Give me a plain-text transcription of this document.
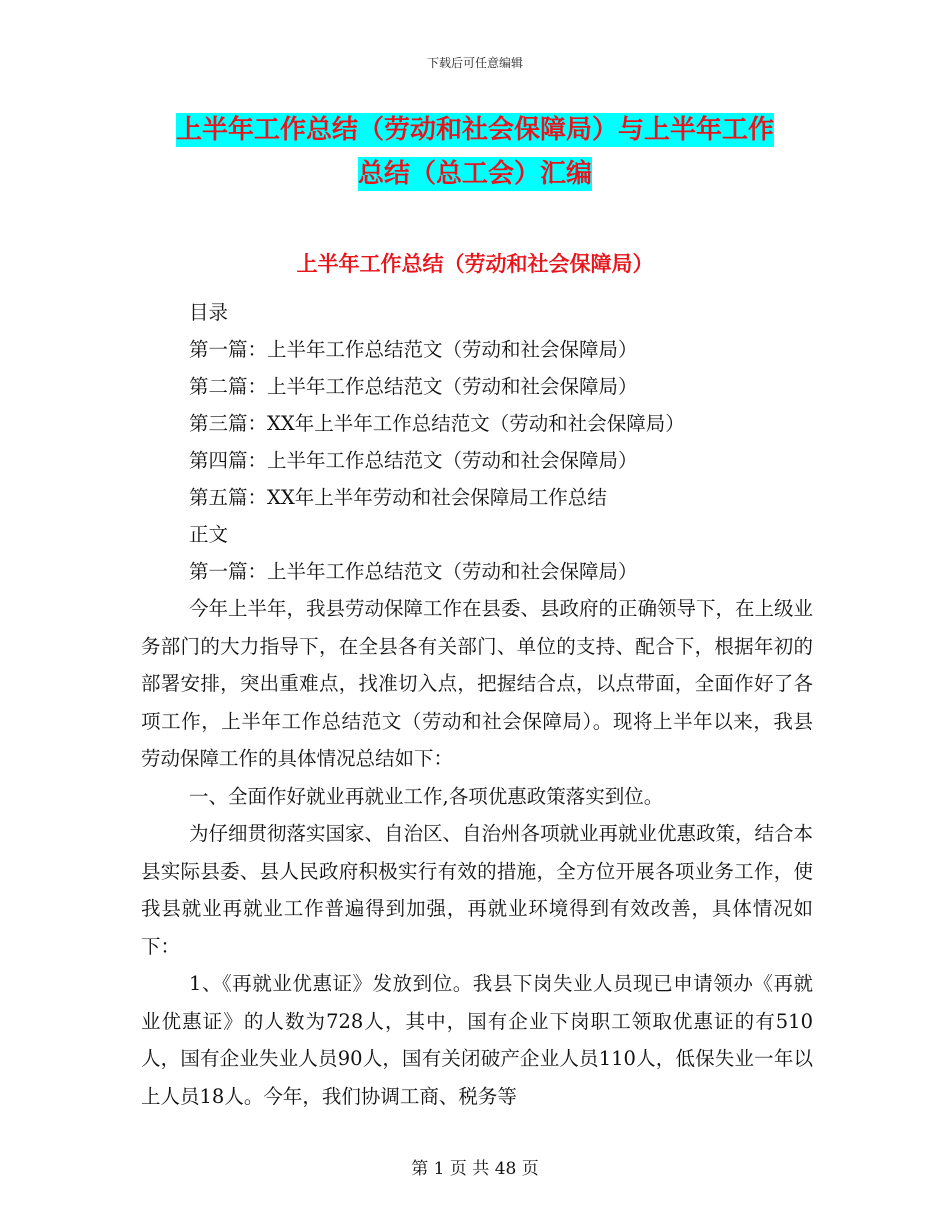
下载后可任意编辑
上半年工作总结（劳动和社会保障局）与上半年工作
总结（总工会）汇编
上半年工作总结（劳动和社会保障局）
目录
第一篇：上半年工作总结范文（劳动和社会保障局）
第二篇：上半年工作总结范文（劳动和社会保障局）
第三篇：XX年上半年工作总结范文（劳动和社会保障局）
第四篇：上半年工作总结范文（劳动和社会保障局）
第五篇：XX年上半年劳动和社会保障局工作总结
正文
第一篇：上半年工作总结范文（劳动和社会保障局）

今年上半年，我县劳动保障工作在县委、县政府的正确领导下，在上级业务部门的大力指导下，在全县各有关部门、单位的支持、配合下，根据年初的部署安排，突出重难点，找准切入点，把握结合点，以点带面，全面作好了各项工作，上半年工作总结范文（劳动和社会保障局）。现将上半年以来，我县劳动保障工作的具体情况总结如下：

一、全面作好就业再就业工作,各项优惠政策落实到位。

为仔细贯彻落实国家、自治区、自治州各项就业再就业优惠政策，结合本县实际县委、县人民政府积极实行有效的措施，全方位开展各项业务工作，使我县就业再就业工作普遍得到加强，再就业环境得到有效改善，具体情况如下：

1、《再就业优惠证》发放到位。我县下岗失业人员现已申请领办《再就业优惠证》的人数为728人，其中，国有企业下岗职工领取优惠证的有510人，国有企业失业人员90人，国有关闭破产企业人员110人，低保失业一年以上人员18人。今年，我们协调工商、税务等

第 1 页 共 48 页
